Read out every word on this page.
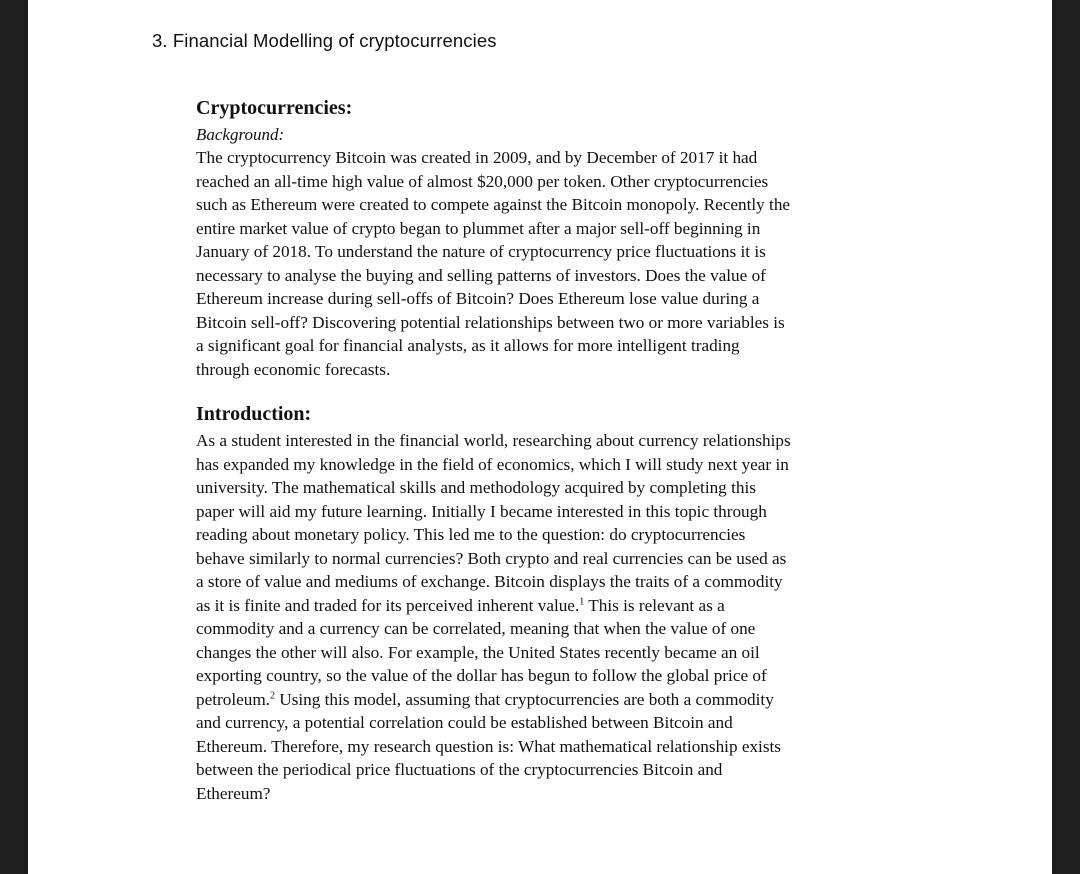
3. Financial Modelling of cryptocurrencies
Cryptocurrencies:
Background:
The cryptocurrency Bitcoin was created in 2009, and by December of 2017 it had
reached an all-time high value of almost $20,000 per token. Other cryptocurrencies
such as Ethereum were created to compete against the Bitcoin monopoly. Recently the
entire market value of crypto began to plummet after a major sell-off beginning in
January of 2018. To understand the nature of cryptocurrency price fluctuations it is
necessary to analyse the buying and selling patterns of investors. Does the value of
Ethereum increase during sell-offs of Bitcoin? Does Ethereum lose value during a
Bitcoin sell-off? Discovering potential relationships between two or more variables is
a significant goal for financial analysts, as it allows for more intelligent trading
through economic forecasts.
Introduction:
As a student interested in the financial world, researching about currency relationships
has expanded my knowledge in the field of economics, which I will study next year in
university. The mathematical skills and methodology acquired by completing this
paper will aid my future learning. Initially I became interested in this topic through
reading about monetary policy. This led me to the question: do cryptocurrencies
behave similarly to normal currencies? Both crypto and real currencies can be used as
a store of value and mediums of exchange. Bitcoin displays the traits of a commodity
as it is finite and traded for its perceived inherent value.$^1$ This is relevant as a
commodity and a currency can be correlated, meaning that when the value of one
changes the other will also. For example, the United States recently became an oil
exporting country, so the value of the dollar has begun to follow the global price of
petroleum.$^2$ Using this model, assuming that cryptocurrencies are both a commodity
and currency, a potential correlation could be established between Bitcoin and
Ethereum. Therefore, my research question is: What mathematical relationship exists
between the periodical price fluctuations of the cryptocurrencies Bitcoin and
Ethereum?
